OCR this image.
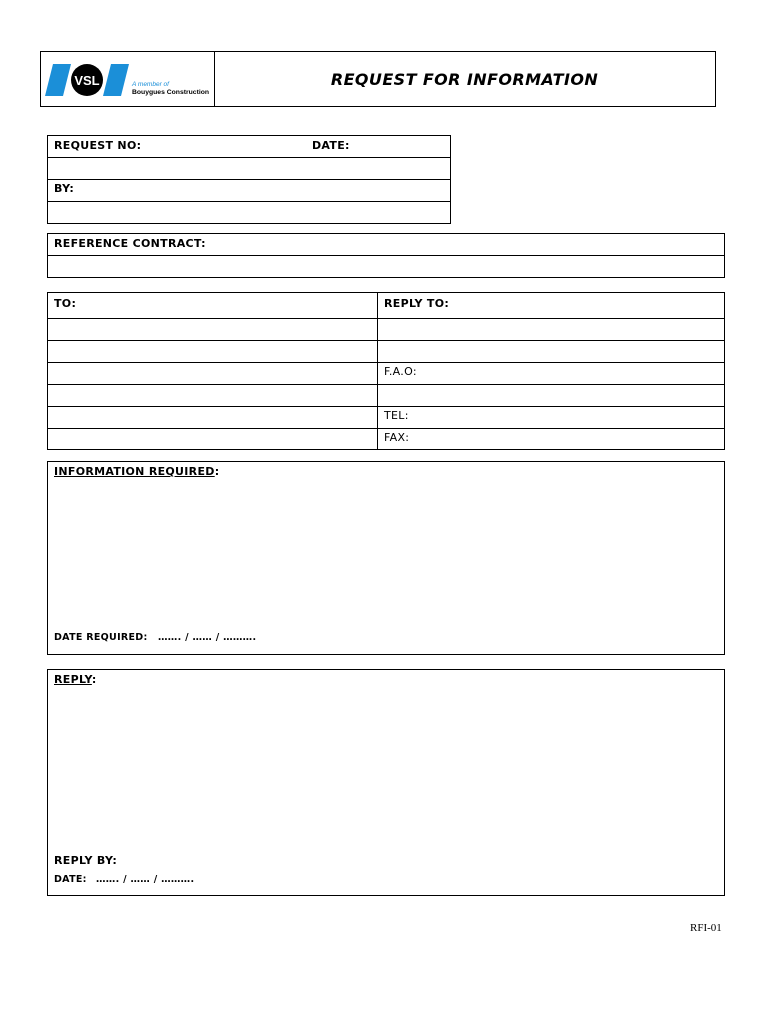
VSL	A member of
Bouygues Construction
REQUEST FOR INFORMATION
REQUEST NO:	DATE:
BY:
REFERENCE CONTRACT:
TO:	REPLY TO:
F.A.O:
TEL:
FAX:
INFORMATION REQUIRED:
DATE REQUIRED: ……. / …… / ……….
REPLY:
REPLY BY:
DATE: ……. / …… / ……….
RFI-01
